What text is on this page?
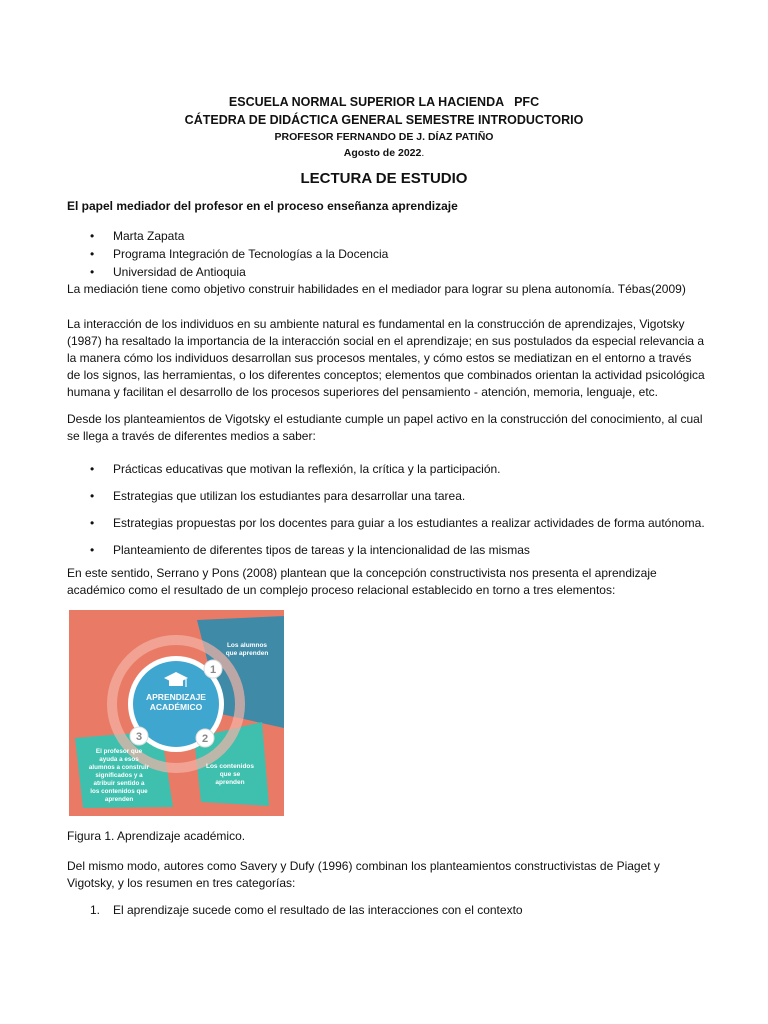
ESCUELA NORMAL SUPERIOR LA HACIENDA   PFC
CÁTEDRA DE DIDÁCTICA GENERAL SEMESTRE INTRODUCTORIO
PROFESOR FERNANDO DE J. DÍAZ PATIÑO
Agosto de 2022.
LECTURA DE ESTUDIO
El papel mediador del profesor en el proceso enseñanza aprendizaje
• Marta Zapata
• Programa Integración de Tecnologías a la Docencia
• Universidad de Antioquia

La mediación tiene como objetivo construir habilidades en el mediador para lograr su plena autonomía. Tébas(2009)

La interacción de los individuos en su ambiente natural es fundamental en la construcción de aprendizajes, Vigotsky (1987) ha resaltado la importancia de la interacción social en el aprendizaje; en sus postulados da especial relevancia a la manera cómo los individuos desarrollan sus procesos mentales, y cómo estos se mediatizan en el entorno a través de los signos, las herramientas, o los diferentes conceptos; elementos que combinados orientan la actividad psicológica humana y facilitan el desarrollo de los procesos superiores del pensamiento - atención, memoria, lenguaje, etc.

Desde los planteamientos de Vigotsky el estudiante cumple un papel activo en la construcción del conocimiento, al cual se llega a través de diferentes medios a saber:

• Prácticas educativas que motivan la reflexión, la crítica y la participación.
• Estrategias que utilizan los estudiantes para desarrollar una tarea.
• Estrategias propuestas por los docentes para guiar a los estudiantes a realizar actividades de forma autónoma.
• Planteamiento de diferentes tipos de tareas y la intencionalidad de las mismas

En este sentido, Serrano y Pons (2008) plantean que la concepción constructivista nos presenta el aprendizaje académico como el resultado de un complejo proceso relacional establecido en torno a tres elementos:

APRENDIZAJE
ACADÉMICO
1
2
3
Los alumnos
que aprenden
Los contenidos
que se
aprenden
El profesor que
ayuda a esos
alumnos a construir
significados y a
atribuir sentido a
los contenidos que
aprenden
Figura 1. Aprendizaje académico.

Del mismo modo, autores como Savery y Dufy (1996) combinan los planteamientos constructivistas de Piaget y Vigotsky, y los resumen en tres categorías:

1. El aprendizaje sucede como el resultado de las interacciones con el contexto
